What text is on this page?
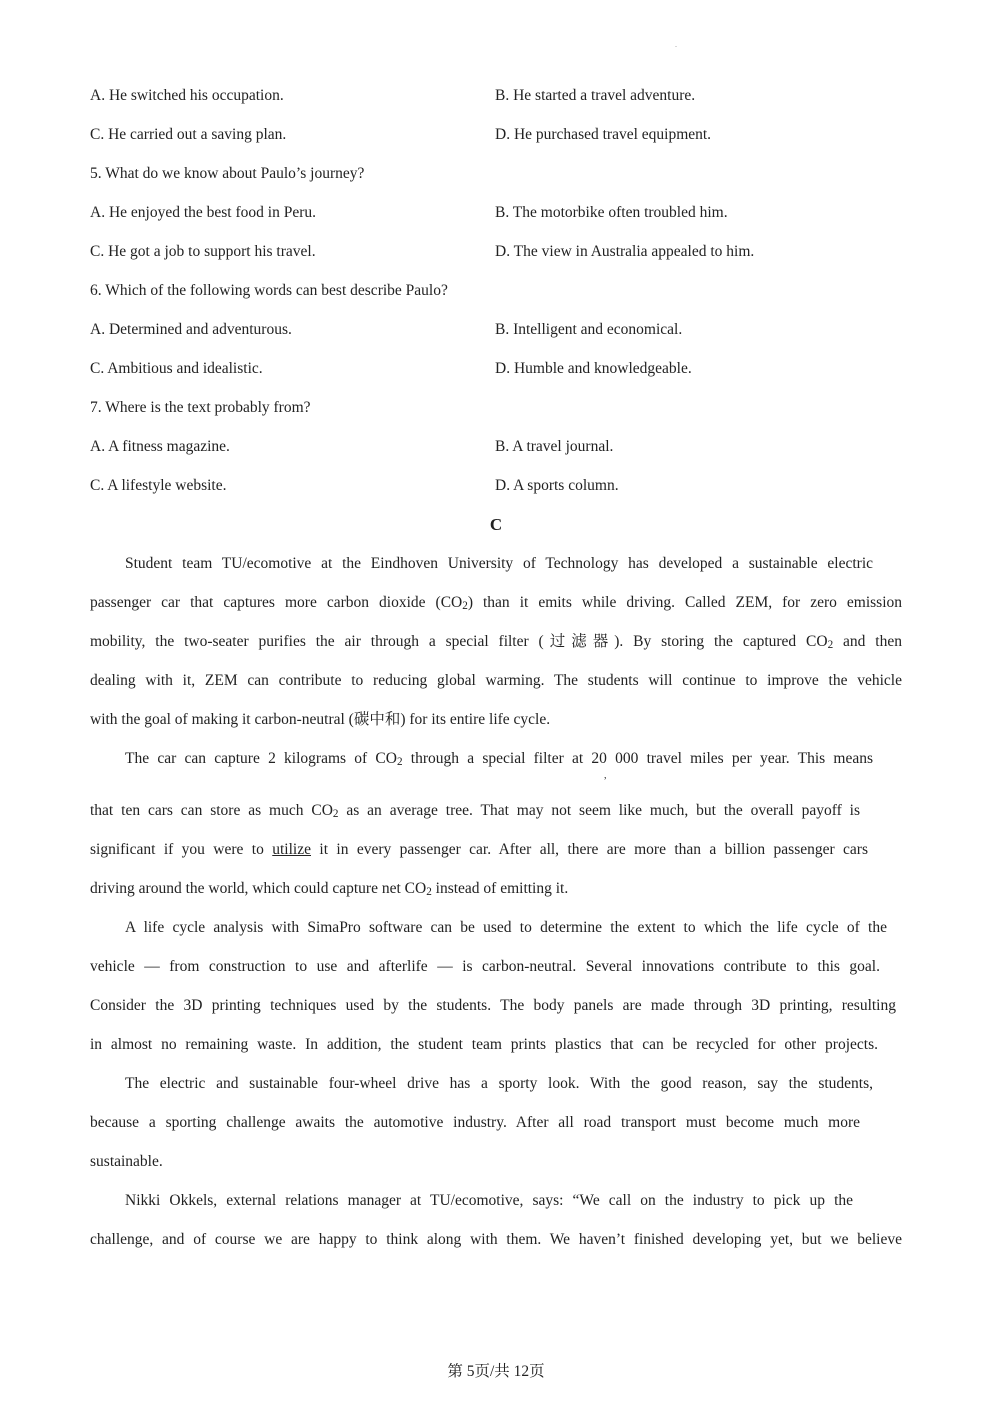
.
A. He switched his occupation.	B. He started a travel adventure.
C. He carried out a saving plan.	D. He purchased travel equipment.
5. What do we know about Paulo’s journey?
A. He enjoyed the best food in Peru.	B. The motorbike often troubled him.
C. He got a job to support his travel.	D. The view in Australia appealed to him.
6. Which of the following words can best describe Paulo?
A. Determined and adventurous.	B. Intelligent and economical.
C. Ambitious and idealistic.	D. Humble and knowledgeable.
7. Where is the text probably from?
A. A fitness magazine.	B. A travel journal.
C. A lifestyle website.	D. A sports column.
C
Student team TU/ecomotive at the Eindhoven University of Technology has developed a sustainable electric
passenger car that captures more carbon dioxide $(CO_2)$ than it emits while driving. Called ZEM, for zero emission
mobility, the two-seater purifies the air through a special filter (过滤器). By storing the captured $CO_2$ and then
dealing with it, ZEM can contribute to reducing global warming. The students will continue to improve the vehicle
with the goal of making it carbon-neutral (碳中和) for its entire life cycle.
The car can capture 2 kilograms of $CO_2$ through a special filter at 20 000 travel miles per year. This means
,
that ten cars can store as much $CO_2$ as an average tree. That may not seem like much, but the overall payoff is
significant if you were to utilize it in every passenger car. After all, there are more than a billion passenger cars
driving around the world, which could capture net $CO_2$ instead of emitting it.
A life cycle analysis with SimaPro software can be used to determine the extent to which the life cycle of the
vehicle — from construction to use and afterlife — is carbon-neutral. Several innovations contribute to this goal.
Consider the 3D printing techniques used by the students. The body panels are made through 3D printing, resulting
in almost no remaining waste. In addition, the student team prints plastics that can be recycled for other projects.
The electric and sustainable four-wheel drive has a sporty look. With the good reason, say the students,
because a sporting challenge awaits the automotive industry. After all road transport must become much more
sustainable.
Nikki Okkels, external relations manager at TU/ecomotive, says: “We call on the industry to pick up the
challenge, and of course we are happy to think along with them. We haven’t finished developing yet, but we believe
第 5页/共 12页
